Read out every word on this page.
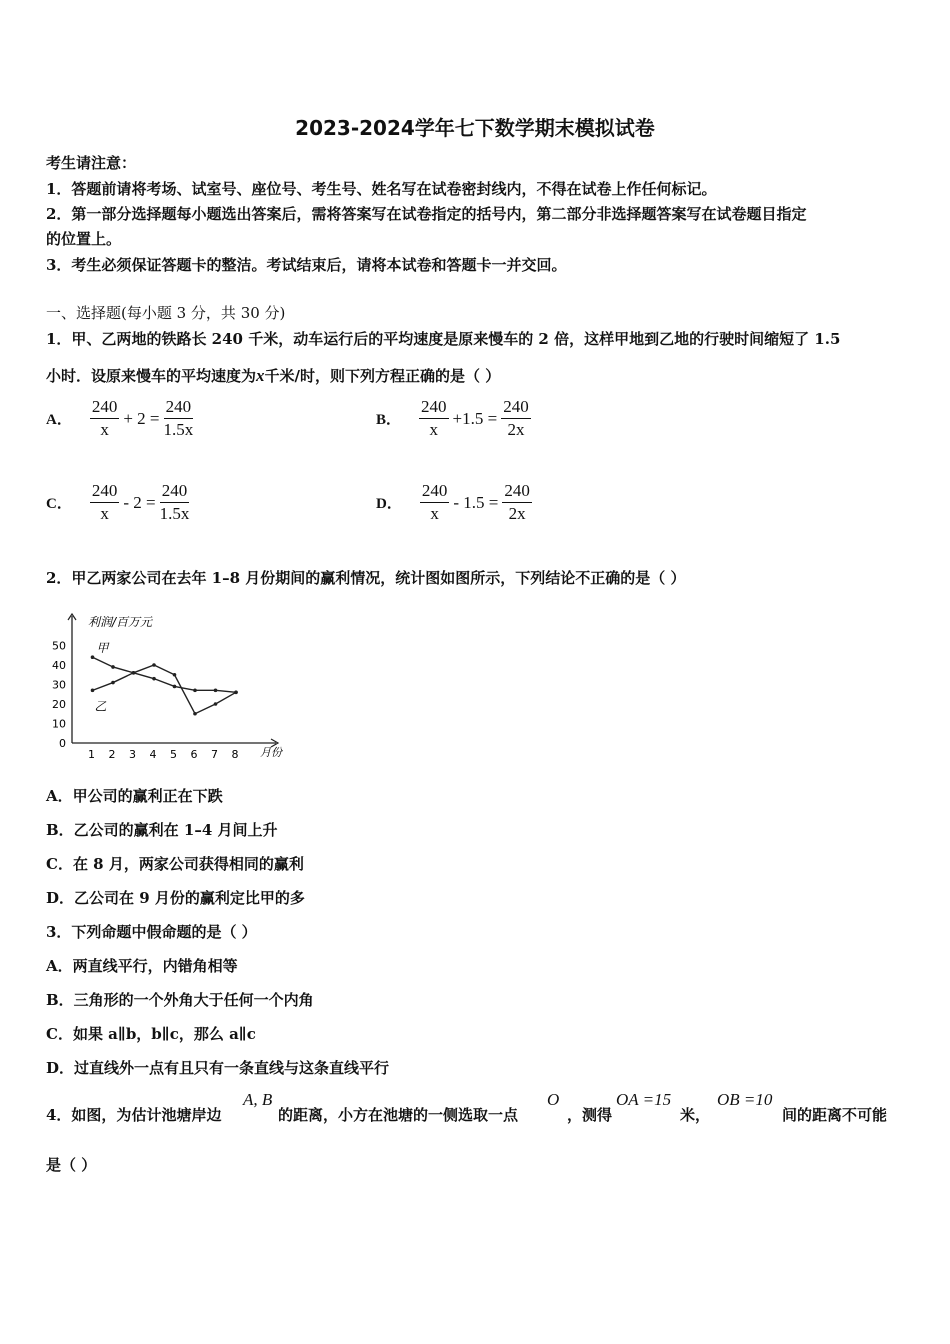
2023-2024学年七下数学期末模拟试卷
考生请注意：
1．答题前请将考场、试室号、座位号、考生号、姓名写在试卷密封线内，不得在试卷上作任何标记。
2．第一部分选择题每小题选出答案后，需将答案写在试卷指定的括号内，第二部分非选择题答案写在试卷题目指定
的位置上。
3．考生必须保证答题卡的整洁。考试结束后，请将本试卷和答题卡一并交回。
一、选择题(每小题 3 分，共 30 分)
1．甲、乙两地的铁路长 240 千米，动车运行后的平均速度是原来慢车的 2 倍，这样甲地到乙地的行驶时间缩短了 1.5
小时．设原来慢车的平均速度为x千米/时，则下列方程正确的是（ ）
A． $\frac{240}{x} + 2 = \frac{240}{1.5x}$	B． $\frac{240}{x} +1.5 = \frac{240}{2x}$
C． $\frac{240}{x} - 2 = \frac{240}{1.5x}$	D． $\frac{240}{x} - 1.5 = \frac{240}{2x}$
2．甲乙两家公司在去年 1–8 月份期间的赢利情况，统计图如图所示，下列结论不正确的是（ ）
利润/百万元
月份
0
10
20
30
40
50
1 2 3 4 5 6 7 8
甲
乙
A．甲公司的赢利正在下跌
B．乙公司的赢利在 1–4 月间上升
C．在 8 月，两家公司获得相同的赢利
D．乙公司在 9 月份的赢利定比甲的多
3．下列命题中假命题的是（ ）
A．两直线平行，内错角相等
B．三角形的一个外角大于任何一个内角
C．如果 a∥b，b∥c，那么 a∥c
D．过直线外一点有且只有一条直线与这条直线平行
4．如图，为估计池塘岸边
A, B
的距离，小方在池塘的一侧选取一点
O
，测得
OA =15
米，
OB =10
间的距离不可能
是（ ）
